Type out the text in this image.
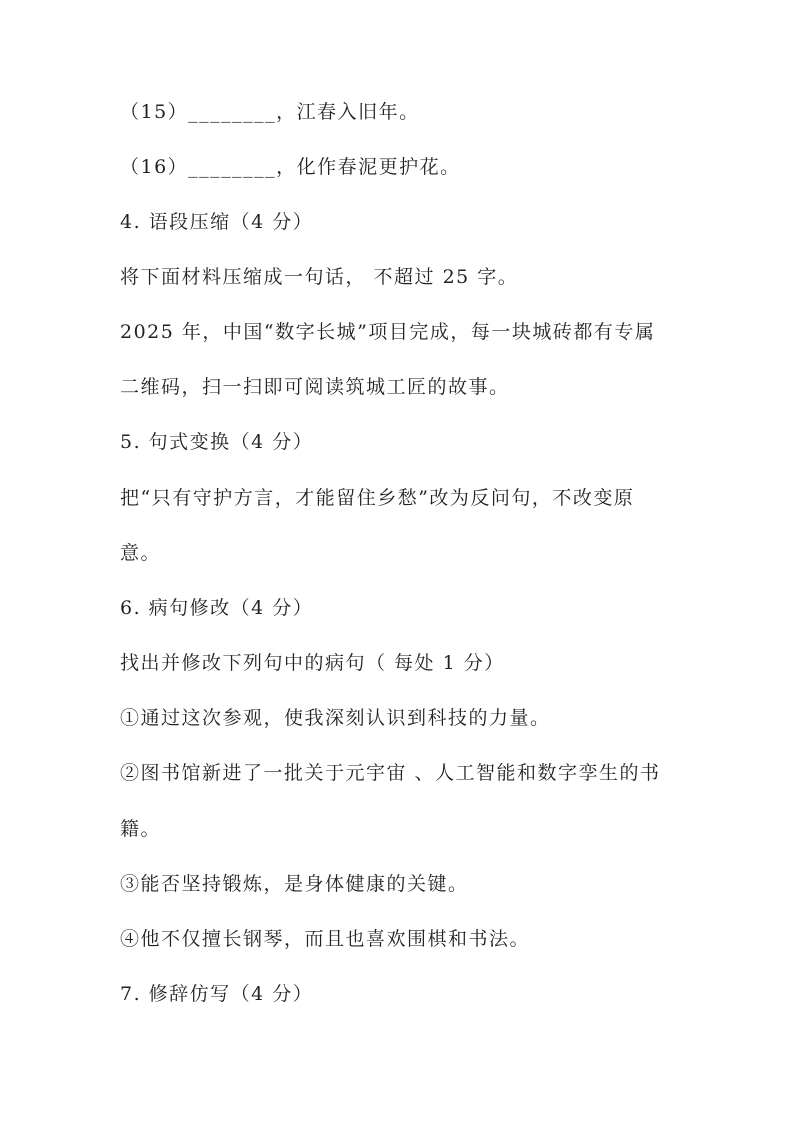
（15）________，江春入旧年。
（16）________，化作春泥更护花。
4. 语段压缩（4 分）
将下面材料压缩成一句话， 不超过 25 字。
2025 年，中国“数字长城”项目完成，每一块城砖都有专属
二维码，扫一扫即可阅读筑城工匠的故事。
5. 句式变换（4 分）
把“只有守护方言，才能留住乡愁”改为反问句，不改变原
意。
6. 病句修改（4 分）
找出并修改下列句中的病句（ 每处 1 分）
①通过这次参观，使我深刻认识到科技的力量。
②图书馆新进了一批关于元宇宙 、人工智能和数字孪生的书
籍。
③能否坚持锻炼，是身体健康的关键。
④他不仅擅长钢琴，而且也喜欢围棋和书法。
7. 修辞仿写（4 分）
